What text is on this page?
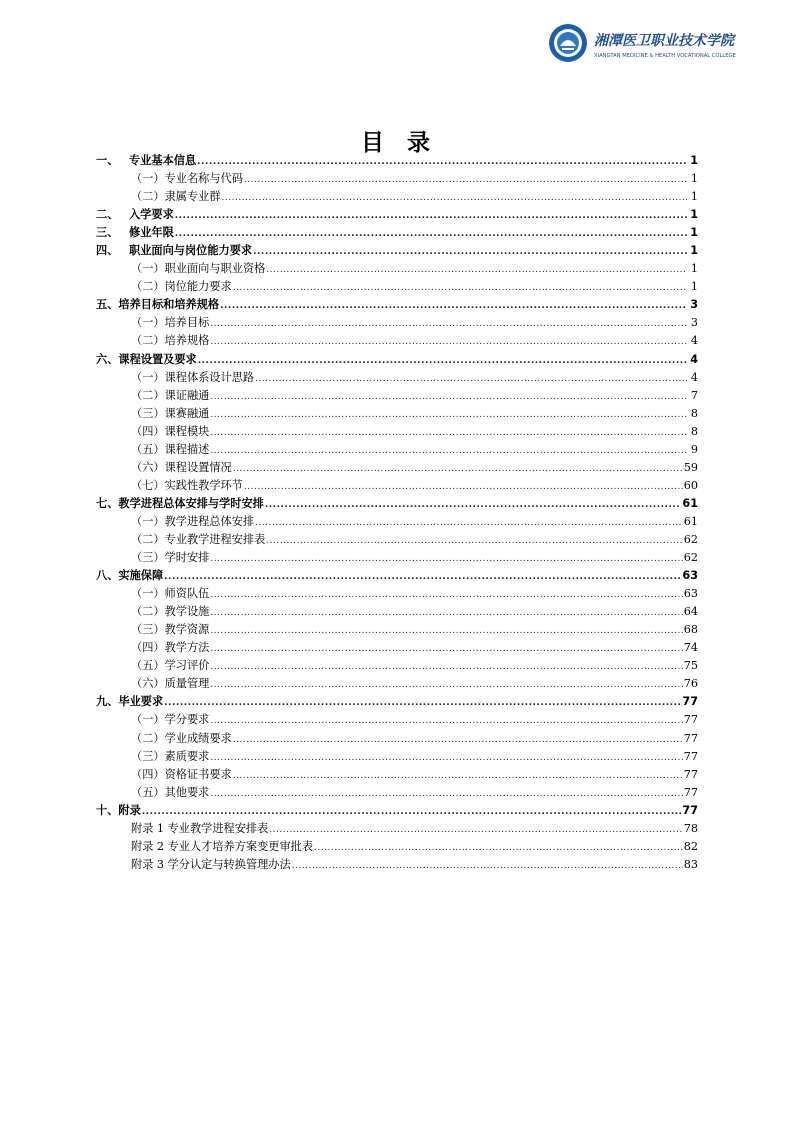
湘潭医卫职业技术学院
XIANGTAN MEDICINE & HEALTH VOCATIONAL COLLEGE
目 录
一、 专业基本信息 .....	1
（一）专业名称与代码 .....	1
（二）隶属专业群 .....	1
二、 入学要求 .....	1
三、 修业年限 .....	1
四、 职业面向与岗位能力要求 .....	1
（一）职业面向与职业资格 .....	1
（二）岗位能力要求 .....	1
五、培养目标和培养规格 .....	3
（一）培养目标 .....	3
（二）培养规格 .....	4
六、课程设置及要求 .....	4
（一）课程体系设计思路 .....	4
（二）课证融通 .....	7
（三）课赛融通 .....	8
（四）课程模块 .....	8
（五）课程描述 .....	9
（六）课程设置情况 .....	59
（七）实践性教学环节 .....	60
七、教学进程总体安排与学时安排 .....	61
（一）教学进程总体安排 .....	61
（二）专业教学进程安排表 .....	62
（三）学时安排 .....	62
八、实施保障 .....	63
（一）师资队伍 .....	63
（二）教学设施 .....	64
（三）教学资源 .....	68
（四）教学方法 .....	74
（五）学习评价 .....	75
（六）质量管理 .....	76
九、毕业要求 .....	77
（一）学分要求 .....	77
（二）学业成绩要求 .....	77
（三）素质要求 .....	77
（四）资格证书要求 .....	77
（五）其他要求 .....	77
十、附录 .....	77
附录 1 专业教学进程安排表 .....	78
附录 2 专业人才培养方案变更审批表 .....	82
附录 3 学分认定与转换管理办法 .....	83
